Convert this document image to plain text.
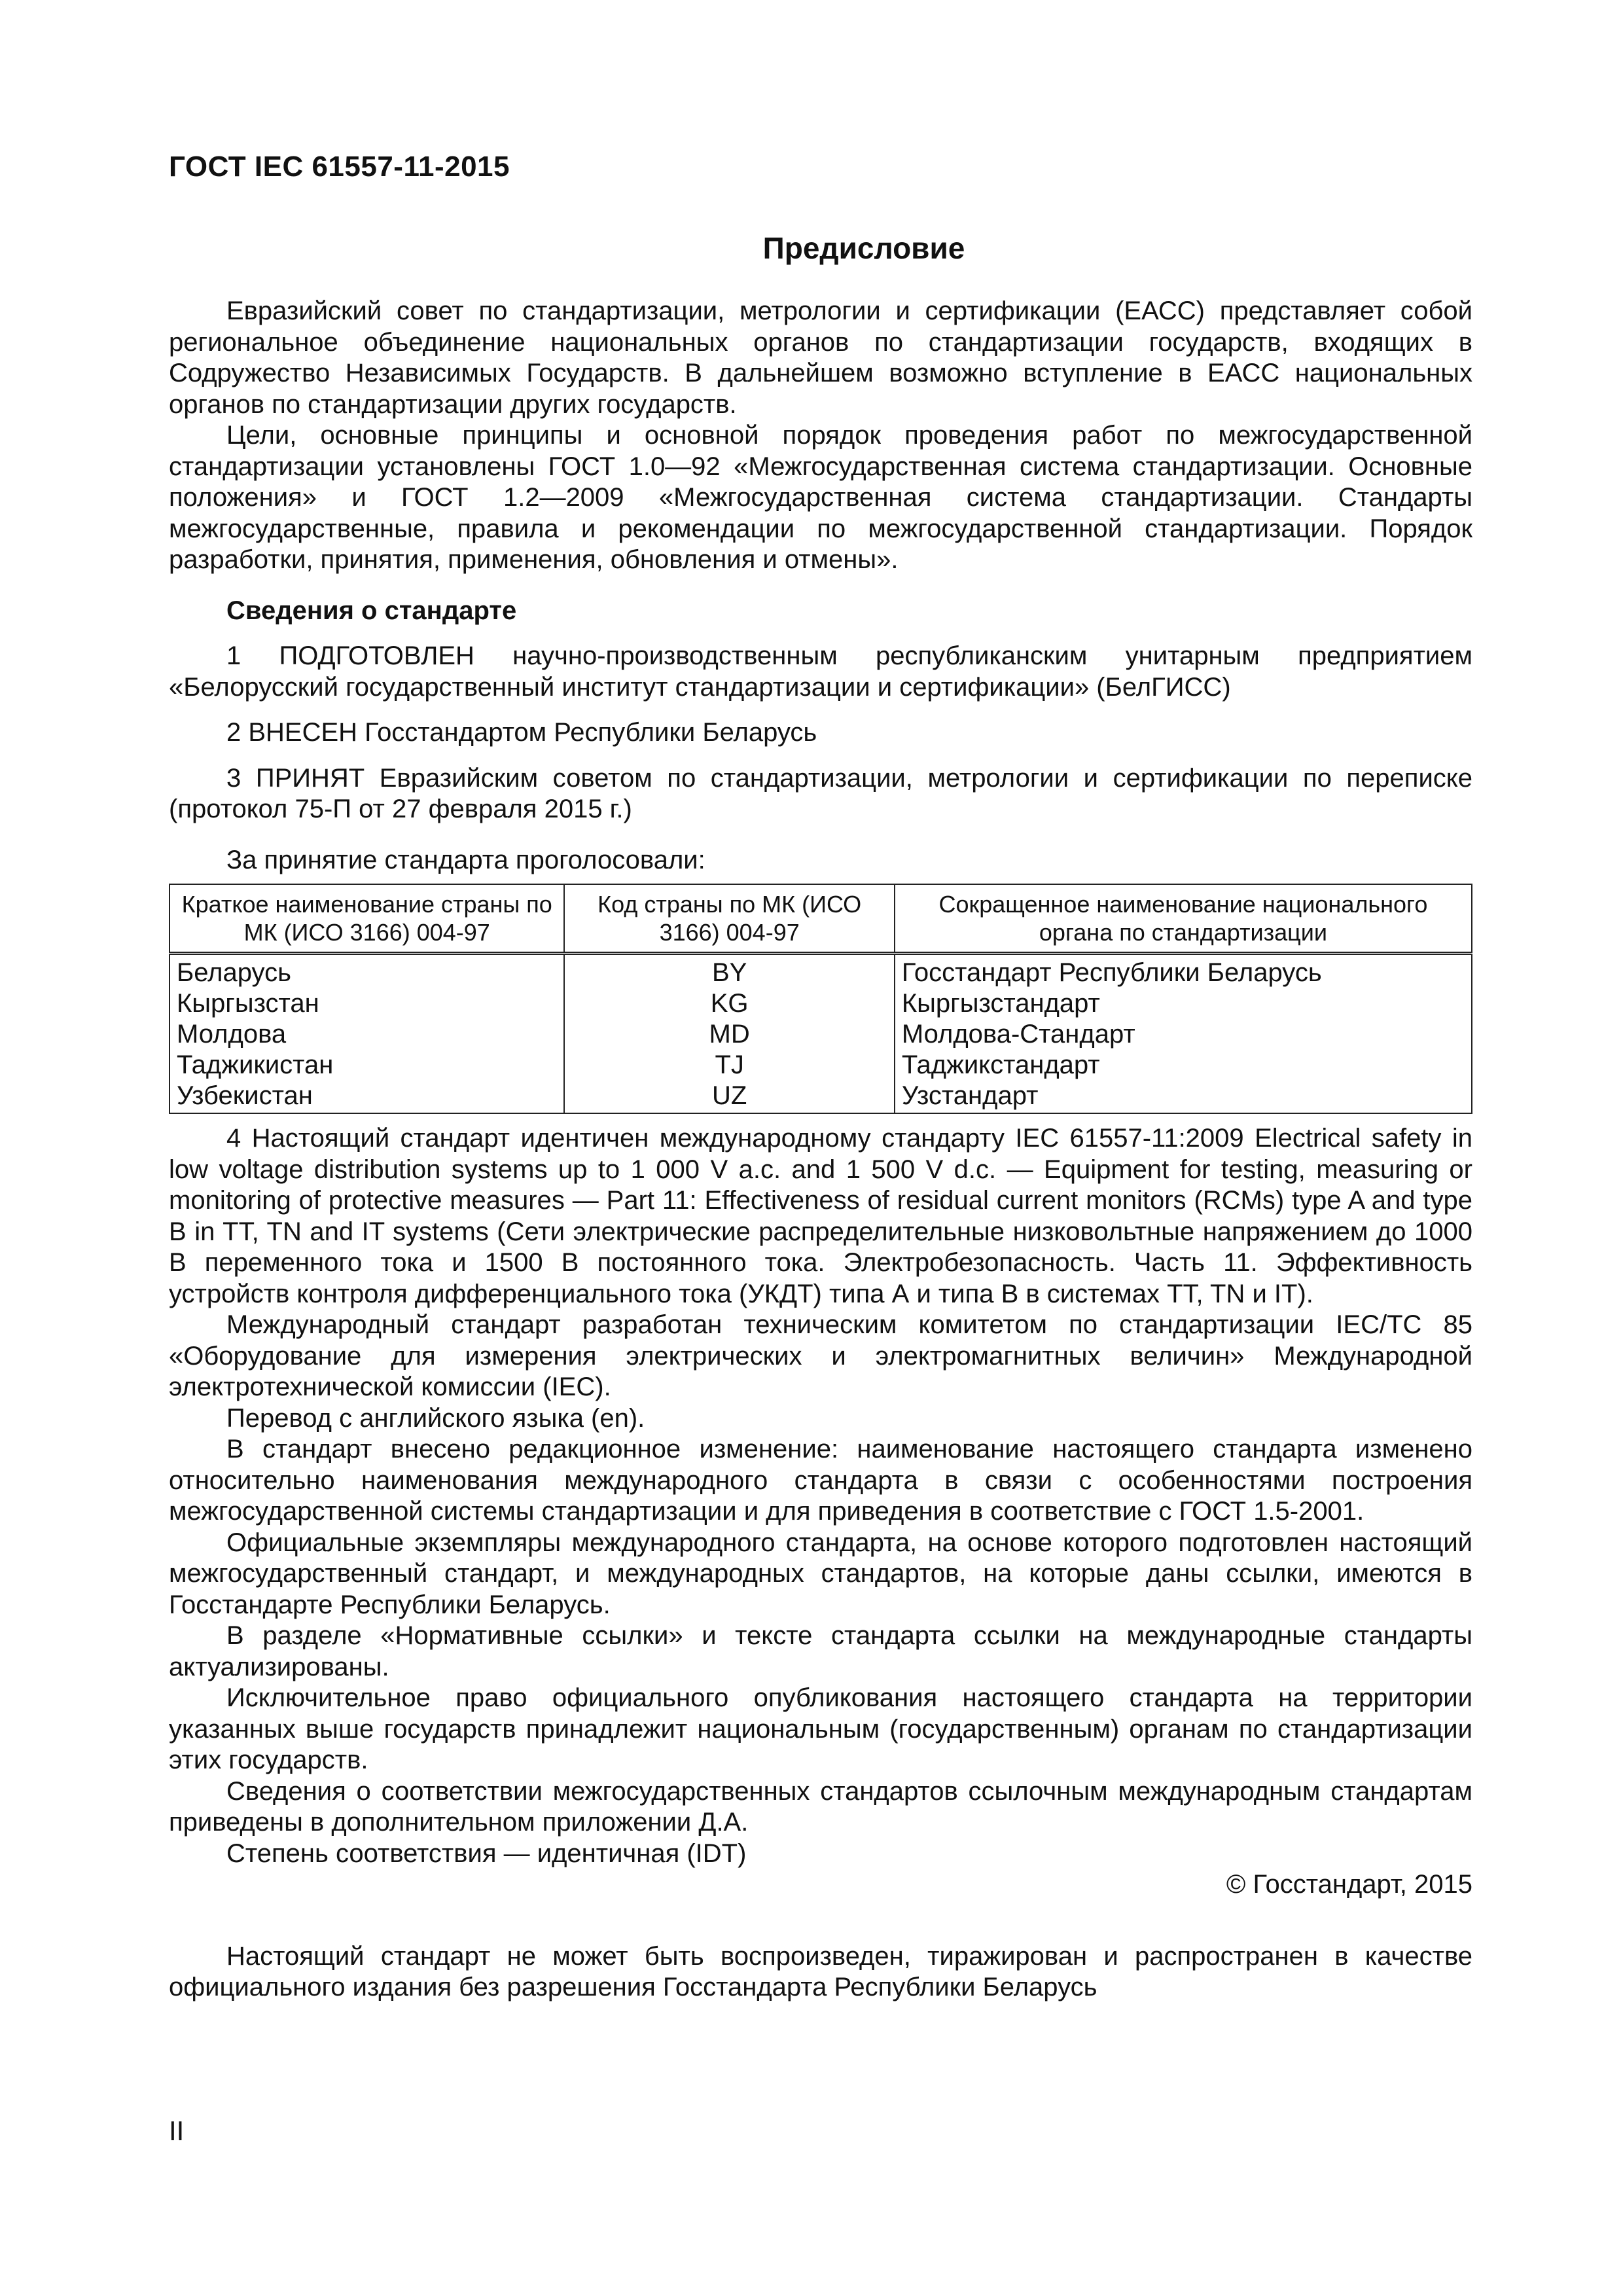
ГОСТ IEC 61557-11-2015
Предисловие

Евразийский совет по стандартизации, метрологии и сертификации (ЕАСС) представляет собой региональное объединение национальных органов по стандартизации государств, входящих в Содружество Независимых Государств. В дальнейшем возможно вступление в ЕАСС национальных органов по стандартизации других государств.

Цели, основные принципы и основной порядок проведения работ по межгосударственной стандартизации установлены ГОСТ 1.0—92 «Межгосударственная система стандартизации. Основные положения» и ГОСТ 1.2—2009 «Межгосударственная система стандартизации. Стандарты межгосударственные, правила и рекомендации по межгосударственной стандартизации. Порядок разработки, принятия, применения, обновления и отмены».

Сведения о стандарте

1 ПОДГОТОВЛЕН научно-производственным республиканским унитарным предприятием «Белорусский государственный институт стандартизации и сертификации» (БелГИСС)

2 ВНЕСЕН Госстандартом Республики Беларусь

3 ПРИНЯТ Евразийским советом по стандартизации, метрологии и сертификации по переписке (протокол 75-П от 27 февраля 2015 г.)

За принятие стандарта проголосовали:

Краткое наименование страны по МК (ИСО 3166) 004-97	Код страны по МК (ИСО 3166) 004-97	Сокращенное наименование национального органа по стандартизации
Беларусь	BY	Госстандарт Республики Беларусь
Кыргызстан	KG	Кыргызстандарт
Молдова	MD	Молдова-Стандарт
Таджикистан	TJ	Таджикстандарт
Узбекистан	UZ	Узстандарт

4 Настоящий стандарт идентичен международному стандарту IEC 61557-11:2009 Electrical safety in low voltage distribution systems up to 1 000 V a.c. and 1 500 V d.c. — Equipment for testing, measuring or monitoring of protective measures — Part 11: Effectiveness of residual current monitors (RCMs) type A and type B in TT, TN and IT systems (Сети электрические распределительные низковольтные напряжением до 1000 В переменного тока и 1500 В постоянного тока. Электробезопасность. Часть 11. Эффективность устройств контроля дифференциального тока (УКДТ) типа А и типа В в системах TT, TN и IT).

Международный стандарт разработан техническим комитетом по стандартизации IEC/TC 85 «Оборудование для измерения электрических и электромагнитных величин» Международной электротехнической комиссии (IEC).

Перевод с английского языка (en).

В стандарт внесено редакционное изменение: наименование настоящего стандарта изменено относительно наименования международного стандарта в связи с особенностями построения межгосударственной системы стандартизации и для приведения в соответствие с ГОСТ 1.5-2001.

Официальные экземпляры международного стандарта, на основе которого подготовлен настоящий межгосударственный стандарт, и международных стандартов, на которые даны ссылки, имеются в Госстандарте Республики Беларусь.

В разделе «Нормативные ссылки» и тексте стандарта ссылки на международные стандарты актуализированы.

Исключительное право официального опубликования настоящего стандарта на территории указанных выше государств принадлежит национальным (государственным) органам по стандартизации этих государств.

Сведения о соответствии межгосударственных стандартов ссылочным международным стандартам приведены в дополнительном приложении Д.А.

Степень соответствия — идентичная (IDT)

© Госстандарт, 2015

Настоящий стандарт не может быть воспроизведен, тиражирован и распространен в качестве официального издания без разрешения Госстандарта Республики Беларусь

II
